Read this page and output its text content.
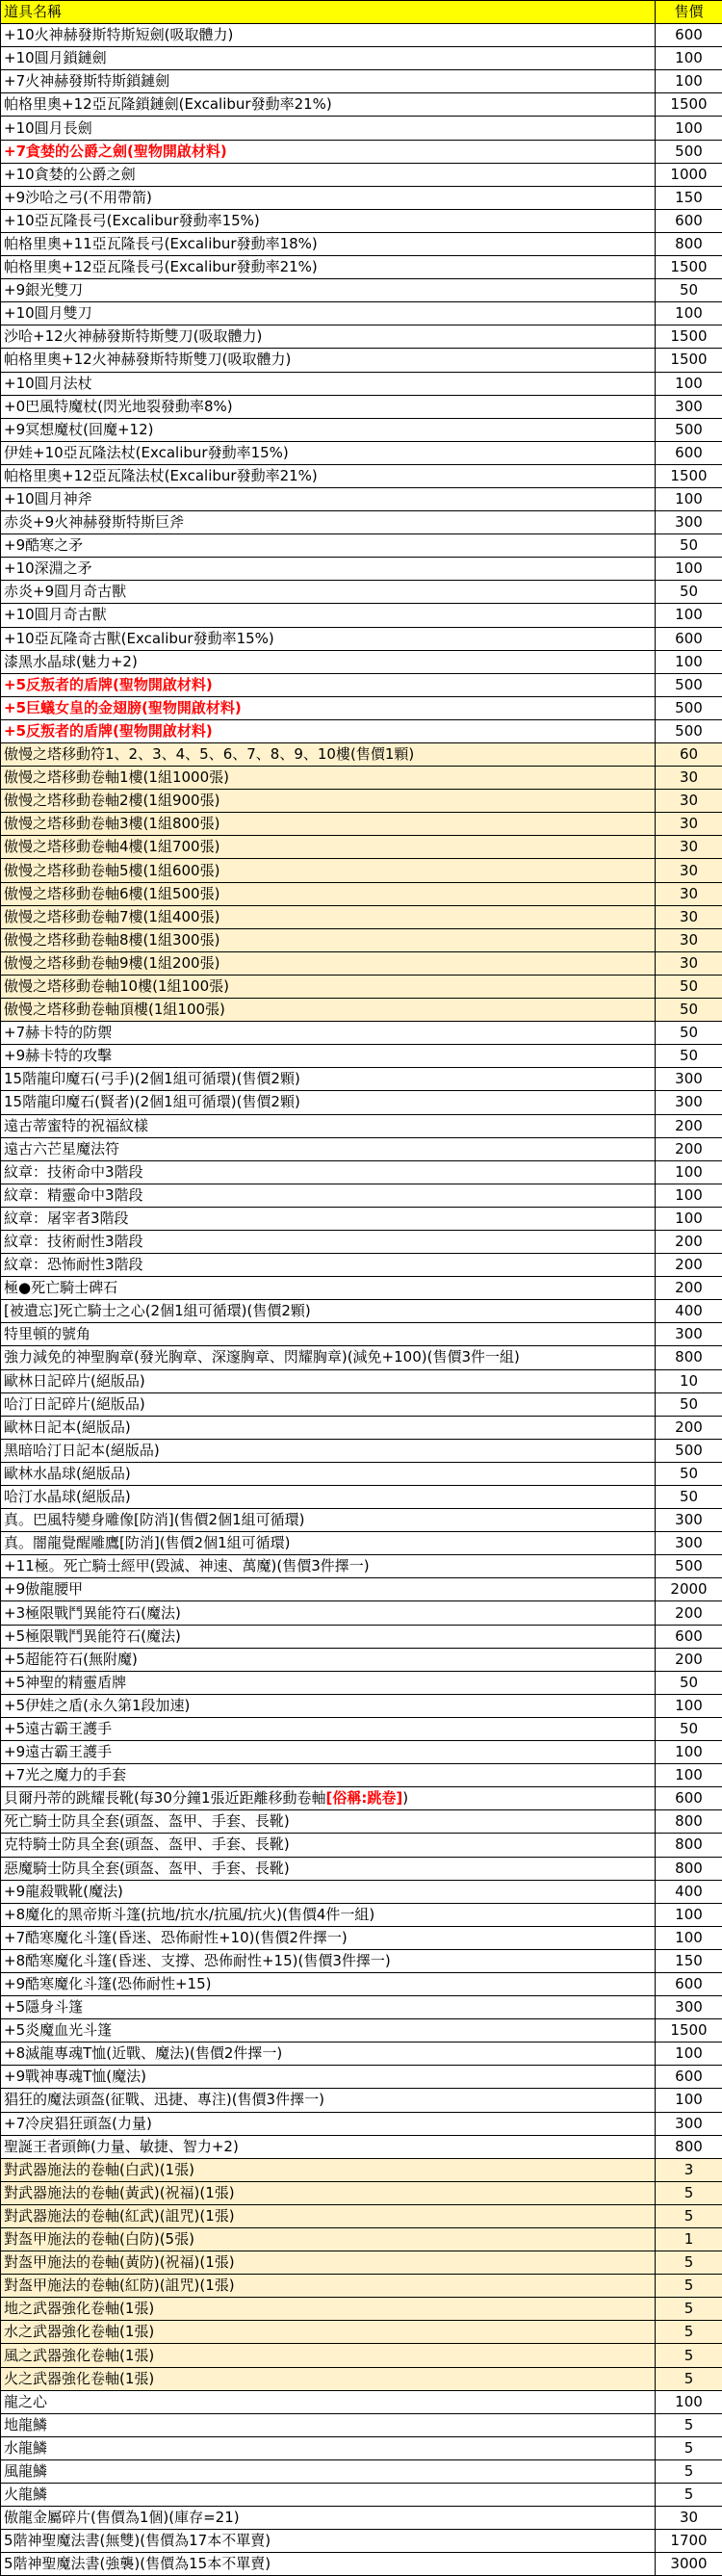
道具名稱	售價
+10火神赫發斯特斯短劍(吸取體力)	600
+10圓月鎖鏈劍	100
+7火神赫發斯特斯鎖鏈劍	100
帕格里奧+12亞瓦隆鎖鏈劍(Excalibur發動率21%)	1500
+10圓月長劍	100
+7貪婪的公爵之劍(聖物開啟材料)	500
+10貪婪的公爵之劍	1000
+9沙哈之弓(不用帶箭)	150
+10亞瓦隆長弓(Excalibur發動率15%)	600
帕格里奧+11亞瓦隆長弓(Excalibur發動率18%)	800
帕格里奧+12亞瓦隆長弓(Excalibur發動率21%)	1500
+9銀光雙刀	50
+10圓月雙刀	100
沙哈+12火神赫發斯特斯雙刀(吸取體力)	1500
帕格里奧+12火神赫發斯特斯雙刀(吸取體力)	1500
+10圓月法杖	100
+0巴風特魔杖(閃光地裂發動率8%)	300
+9冥想魔杖(回魔+12)	500
伊娃+10亞瓦隆法杖(Excalibur發動率15%)	600
帕格里奧+12亞瓦隆法杖(Excalibur發動率21%)	1500
+10圓月神斧	100
赤炎+9火神赫發斯特斯巨斧	300
+9酷寒之矛	50
+10深淵之矛	100
赤炎+9圓月奇古獸	50
+10圓月奇古獸	100
+10亞瓦隆奇古獸(Excalibur發動率15%)	600
漆黑水晶球(魅力+2)	100
+5反叛者的盾牌(聖物開啟材料)	500
+5巨蟻女皇的金翅膀(聖物開啟材料)	500
+5反叛者的盾牌(聖物開啟材料)	500
傲慢之塔移動符1、2、3、4、5、6、7、8、9、10樓(售價1顆)	60
傲慢之塔移動卷軸1樓(1組1000張)	30
傲慢之塔移動卷軸2樓(1組900張)	30
傲慢之塔移動卷軸3樓(1組800張)	30
傲慢之塔移動卷軸4樓(1組700張)	30
傲慢之塔移動卷軸5樓(1組600張)	30
傲慢之塔移動卷軸6樓(1組500張)	30
傲慢之塔移動卷軸7樓(1組400張)	30
傲慢之塔移動卷軸8樓(1組300張)	30
傲慢之塔移動卷軸9樓(1組200張)	30
傲慢之塔移動卷軸10樓(1組100張)	50
傲慢之塔移動卷軸頂樓(1組100張)	50
+7赫卡特的防禦	50
+9赫卡特的攻擊	50
15階龍印魔石(弓手)(2個1組可循環)(售價2顆)	300
15階龍印魔石(賢者)(2個1組可循環)(售價2顆)	300
遠古蒂蜜特的祝福紋樣	200
遠古六芒星魔法符	200
紋章：技術命中3階段	100
紋章：精靈命中3階段	100
紋章：屠宰者3階段	100
紋章：技術耐性3階段	200
紋章：恐怖耐性3階段	200
極●死亡騎士碑石	200
[被遺忘]死亡騎士之心(2個1組可循環)(售價2顆)	400
特里頓的號角	300
強力減免的神聖胸章(發光胸章、深邃胸章、閃耀胸章)(減免+100)(售價3件一組)	800
歐林日記碎片(絕版品)	10
哈汀日記碎片(絕版品)	50
歐林日記本(絕版品)	200
黑暗哈汀日記本(絕版品)	500
歐林水晶球(絕版品)	50
哈汀水晶球(絕版品)	50
真。巴風特變身雕像[防消](售價2個1組可循環)	300
真。闇龍覺醒雕鷹[防消](售價2個1組可循環)	300
+11極。死亡騎士經甲(毀滅、神速、萬魔)(售價3件擇一)	500
+9傲龍腰甲	2000
+3極限戰鬥異能符石(魔法)	200
+5極限戰鬥異能符石(魔法)	600
+5超能符石(無附魔)	200
+5神聖的精靈盾牌	50
+5伊娃之盾(永久第1段加速)	100
+5遠古霸王護手	50
+9遠古霸王護手	100
+7光之魔力的手套	100
貝爾丹蒂的跳耀長靴(每30分鐘1張近距離移動卷軸[俗稱:跳卷])	600
死亡騎士防具全套(頭盔、盔甲、手套、長靴)	800
克特騎士防具全套(頭盔、盔甲、手套、長靴)	800
惡魔騎士防具全套(頭盔、盔甲、手套、長靴)	800
+9龍殺戰靴(魔法)	400
+8魔化的黑帝斯斗篷(抗地/抗水/抗風/抗火)(售價4件一組)	100
+7酷寒魔化斗篷(昏迷、恐佈耐性+10)(售價2件擇一)	100
+8酷寒魔化斗篷(昏迷、支撐、恐佈耐性+15)(售價3件擇一)	150
+9酷寒魔化斗篷(恐佈耐性+15)	600
+5隱身斗篷	300
+5炎魔血光斗篷	1500
+8滅龍專魂T恤(近戰、魔法)(售價2件擇一)	100
+9戰神專魂T恤(魔法)	600
猖狂的魔法頭盔(征戰、迅捷、專注)(售價3件擇一)	100
+7冷戾猖狂頭盔(力量)	300
聖誕王者頭飾(力量、敏捷、智力+2)	800
對武器施法的卷軸(白武)(1張)	3
對武器施法的卷軸(黃武)(祝福)(1張)	5
對武器施法的卷軸(紅武)(詛咒)(1張)	5
對盔甲施法的卷軸(白防)(5張)	1
對盔甲施法的卷軸(黃防)(祝福)(1張)	5
對盔甲施法的卷軸(紅防)(詛咒)(1張)	5
地之武器強化卷軸(1張)	5
水之武器強化卷軸(1張)	5
風之武器強化卷軸(1張)	5
火之武器強化卷軸(1張)	5
龍之心	100
地龍鱗	5
水龍鱗	5
風龍鱗	5
火龍鱗	5
傲龍金屬碎片(售價為1個)(庫存=21)	30
5階神聖魔法書(無雙)(售價為17本不單賣)	1700
5階神聖魔法書(強襲)(售價為15本不單賣)	3000
